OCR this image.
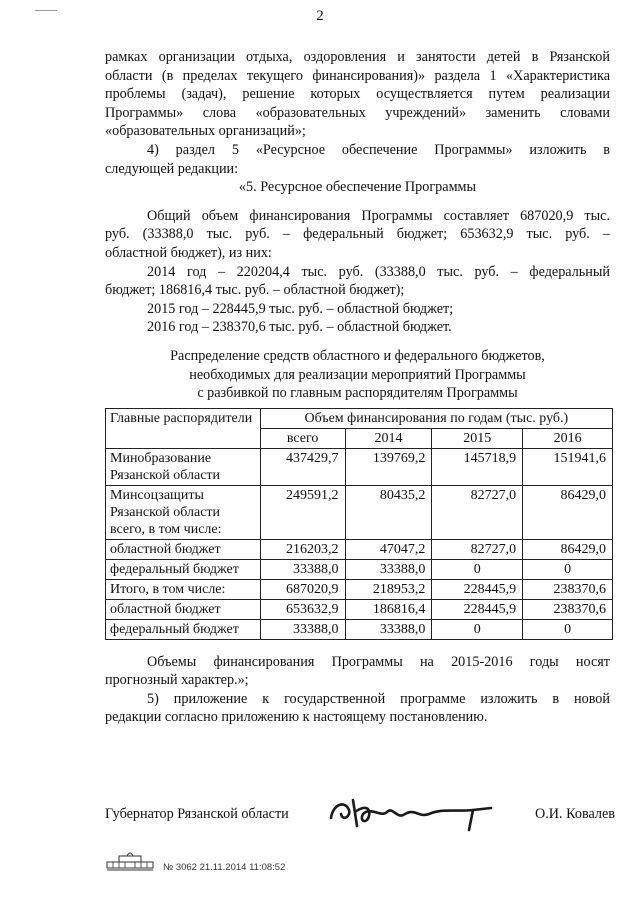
2

рамках организации отдыха, оздоровления и занятости детей в Рязанской

области (в пределах текущего финансирования)» раздела 1 «Характеристика

проблемы (задач), решение которых осуществляется путем реализации

Программы» слова «образовательных учреждений» заменить словами

«образовательных организаций»;

4) раздел 5 «Ресурсное обеспечение Программы» изложить в

следующей редакции:

«5. Ресурсное обеспечение Программы

Общий объем финансирования Программы составляет 687020,9 тыс.

руб. (33388,0 тыс. руб. – федеральный бюджет; 653632,9 тыс. руб. –

областной бюджет), из них:

2014 год – 220204,4 тыс. руб. (33388,0 тыс. руб. – федеральный

бюджет; 186816,4 тыс. руб. – областной бюджет);

2015 год – 228445,9 тыс. руб. – областной бюджет;

2016 год – 238370,6 тыс. руб. – областной бюджет.

Распределение средств областного и федерального бюджетов,

необходимых для реализации мероприятий Программы

с разбивкой по главным распорядителям Программы

Главные распорядители	Объем финансирования по годам (тыс. руб.)			
	всего	2014	2015	2016
Минобразование Рязанской области	437429,7	139769,2	145718,9	151941,6
Минсоцзащиты Рязанской области всего, в том числе:	249591,2	80435,2	82727,0	86429,0
областной бюджет	216203,2	47047,2	82727,0	86429,0
федеральный бюджет	33388,0	33388,0	0	0
Итого, в том числе:	687020,9	218953,2	228445,9	238370,6
областной бюджет	653632,9	186816,4	228445,9	238370,6
федеральный бюджет	33388,0	33388,0	0	0

Объемы финансирования Программы на 2015-2016 годы носят

прогнозный характер.»;

5) приложение к государственной программе изложить в новой

редакции согласно приложению к настоящему постановлению.

Губернатор Рязанской области	О.И. Ковалев
№ 3062 21.11.2014 11:08:52
